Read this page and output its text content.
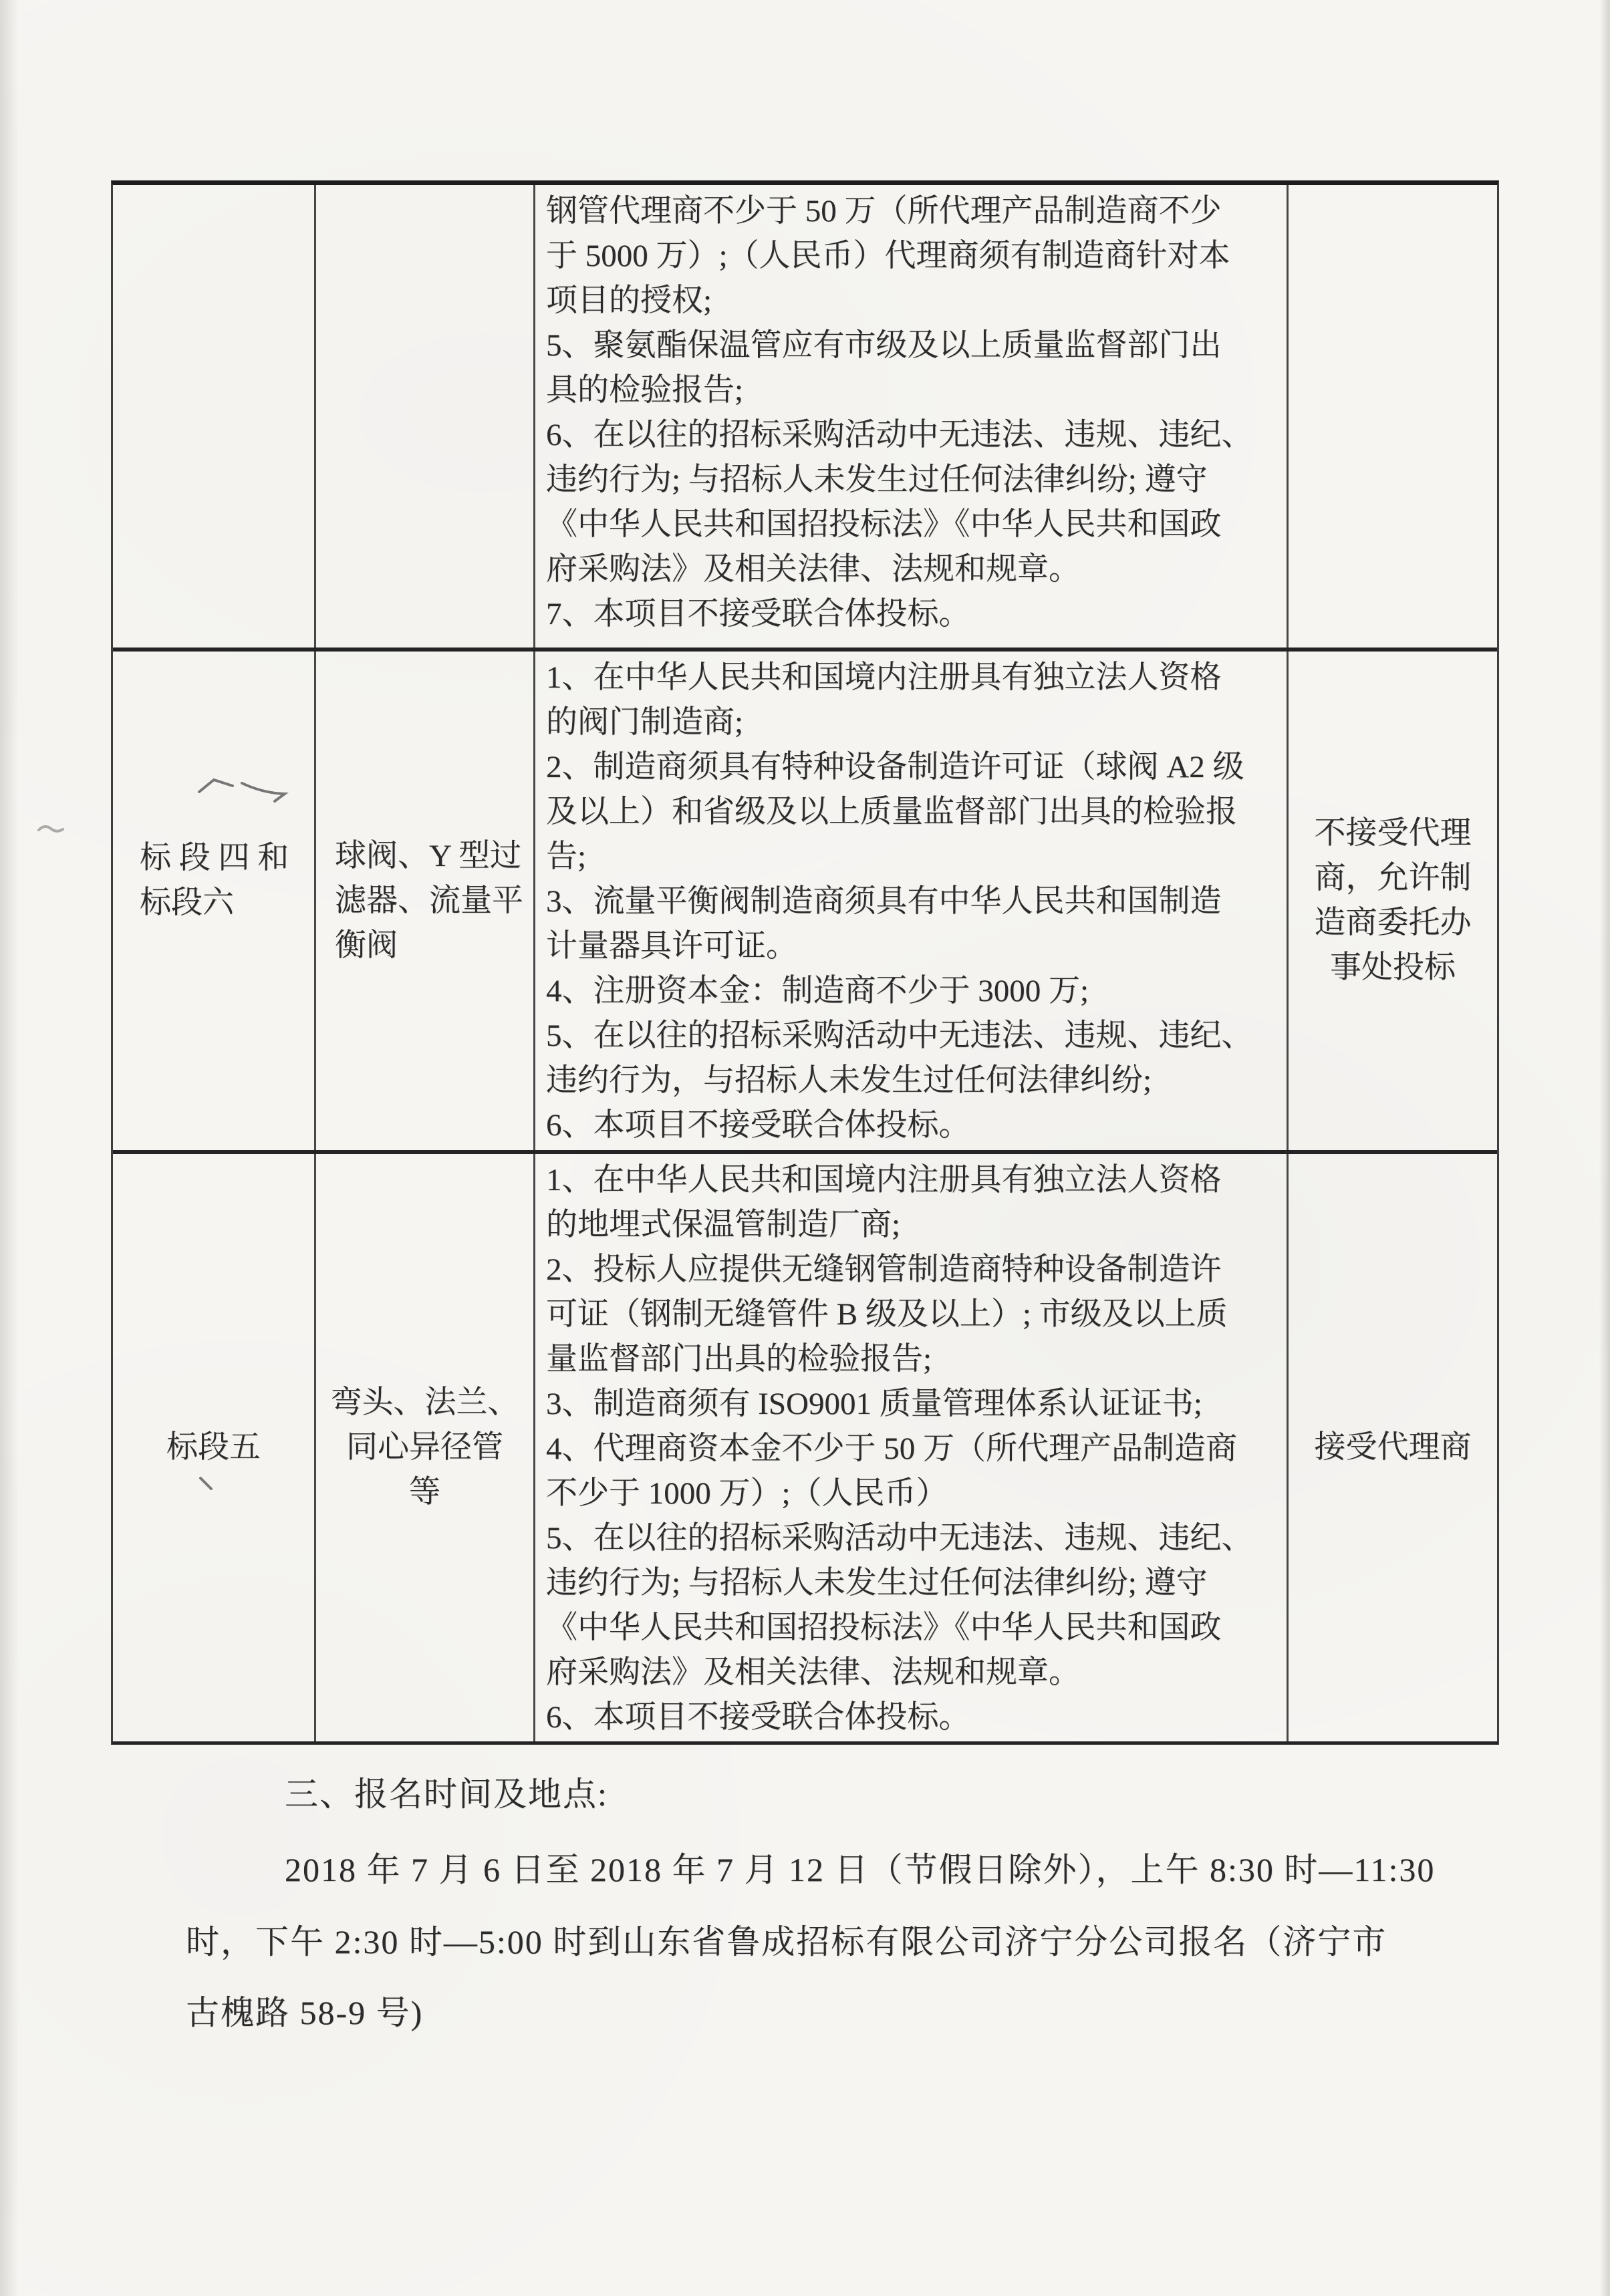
钢管代理商不少于 50 万（所代理产品制造商不少
于 5000 万）;（人民币）代理商须有制造商针对本
项目的授权;
5、聚氨酯保温管应有市级及以上质量监督部门出
具的检验报告;
6、在以往的招标采购活动中无违法、违规、违纪、
违约行为; 与招标人未发生过任何法律纠纷; 遵守
《中华人民共和国招投标法》《中华人民共和国政
府采购法》及相关法律、法规和规章。
7、本项目不接受联合体投标。
标 段 四 和
标段六
球阀、Y 型过
滤器、流量平
衡阀
1、在中华人民共和国境内注册具有独立法人资格
的阀门制造商;
2、制造商须具有特种设备制造许可证（球阀 A2 级
及以上）和省级及以上质量监督部门出具的检验报
告;
3、流量平衡阀制造商须具有中华人民共和国制造
计量器具许可证。
4、注册资本金：制造商不少于 3000 万;
5、在以往的招标采购活动中无违法、违规、违纪、
违约行为，与招标人未发生过任何法律纠纷;
6、本项目不接受联合体投标。
不接受代理
商，允许制
造商委托办
事处投标
标段五
弯头、法兰、
同心异径管
等
1、在中华人民共和国境内注册具有独立法人资格
的地埋式保温管制造厂商;
2、投标人应提供无缝钢管制造商特种设备制造许
可证（钢制无缝管件 B 级及以上）; 市级及以上质
量监督部门出具的检验报告;
3、制造商须有 ISO9001 质量管理体系认证证书;
4、代理商资本金不少于 50 万（所代理产品制造商
不少于 1000 万）;（人民币）
5、在以往的招标采购活动中无违法、违规、违纪、
违约行为; 与招标人未发生过任何法律纠纷; 遵守
《中华人民共和国招投标法》《中华人民共和国政
府采购法》及相关法律、法规和规章。
6、本项目不接受联合体投标。
接受代理商
三、报名时间及地点:
2018 年 7 月 6 日至 2018 年 7 月 12 日（节假日除外），上午 8:30 时—11:30
时，下午 2:30 时—5:00 时到山东省鲁成招标有限公司济宁分公司报名（济宁市
古槐路 58-9 号)
